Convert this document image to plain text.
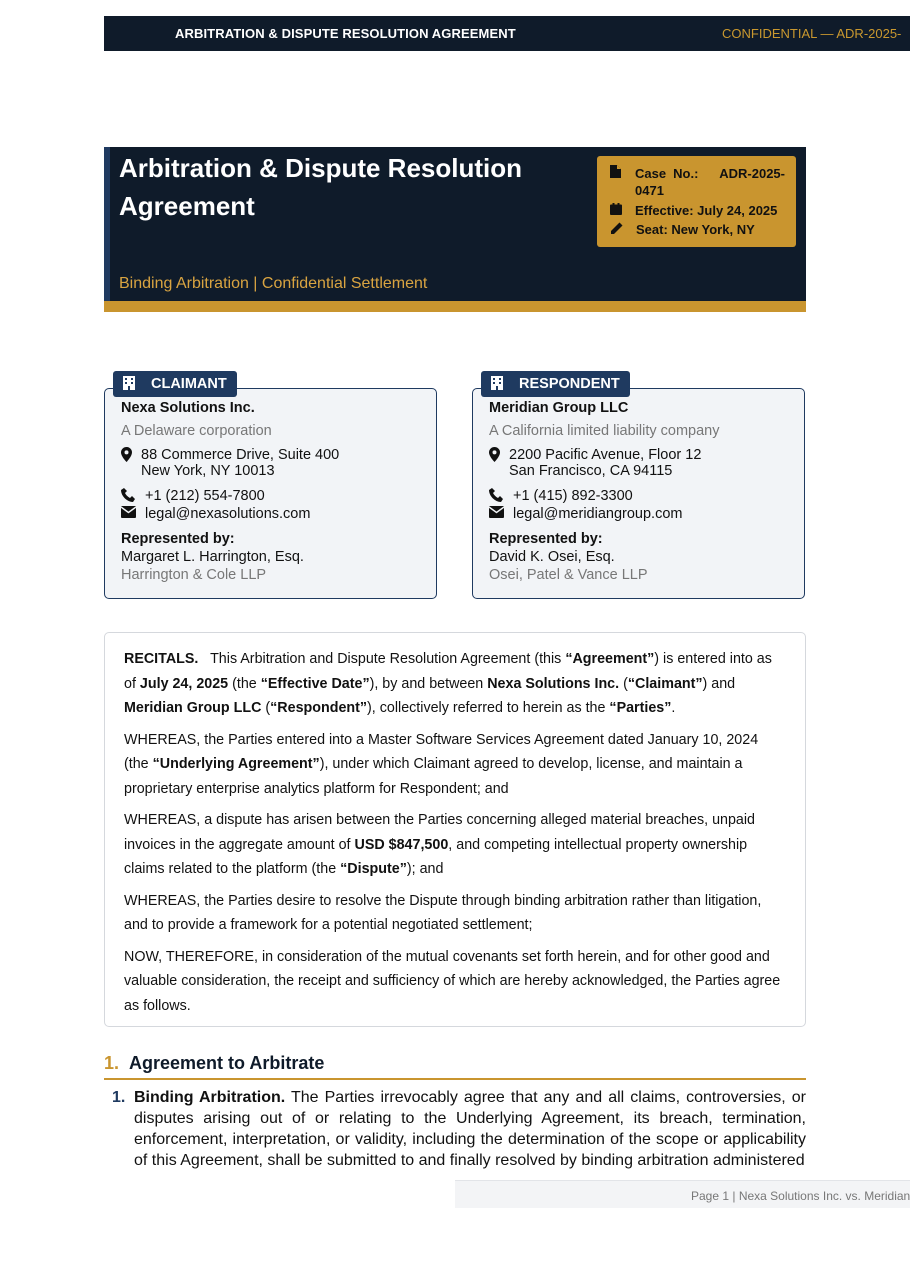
ARBITRATION & DISPUTE RESOLUTION AGREEMENT	CONFIDENTIAL — ADR-2025-
Arbitration & Dispute Resolution Agreement
Binding Arbitration | Confidential Settlement
Case No.: ADR-2025-0471
Effective:
July 24, 2025
Seat:
New York, NY
CLAIMANT
Nexa Solutions Inc.
A Delaware corporation
88 Commerce Drive, Suite 400
New York, NY 10013
+1 (212) 554-7800
legal@nexasolutions.com
Represented by:
Margaret L. Harrington, Esq.
Harrington & Cole LLP
RESPONDENT
Meridian Group LLC
A California limited liability company
2200 Pacific Avenue, Floor 12
San Francisco, CA 94115
+1 (415) 892-3300
legal@meridiangroup.com
Represented by:
David K. Osei, Esq.
Osei, Patel & Vance LLP

RECITALS. This Arbitration and Dispute Resolution Agreement (this “Agreement”) is entered into as of July 24, 2025 (the “Effective Date”), by and between Nexa Solutions Inc. (“Claimant”) and Meridian Group LLC (“Respondent”), collectively referred to herein as the “Parties”.

WHEREAS, the Parties entered into a Master Software Services Agreement dated January 10, 2024 (the “Underlying Agreement”), under which Claimant agreed to develop, license, and maintain a proprietary enterprise analytics platform for Respondent; and

WHEREAS, a dispute has arisen between the Parties concerning alleged material breaches, unpaid invoices in the aggregate amount of USD $847,500, and competing intellectual property ownership claims related to the platform (the “Dispute”); and

WHEREAS, the Parties desire to resolve the Dispute through binding arbitration rather than litigation, and to provide a framework for a potential negotiated settlement;

NOW, THEREFORE, in consideration of the mutual covenants set forth herein, and for other good and valuable consideration, the receipt and sufficiency of which are hereby acknowledged, the Parties agree as follows.

1. Agreement to Arbitrate
1. Binding Arbitration. The Parties irrevocably agree that any and all claims, controversies, or disputes arising out of or relating to the Underlying Agreement, its breach, termination, enforcement, interpretation, or validity, including the determination of the scope or applicability of this Agreement, shall be submitted to and finally resolved by binding arbitration administered
Page 1 | Nexa Solutions Inc. vs. Meridian
